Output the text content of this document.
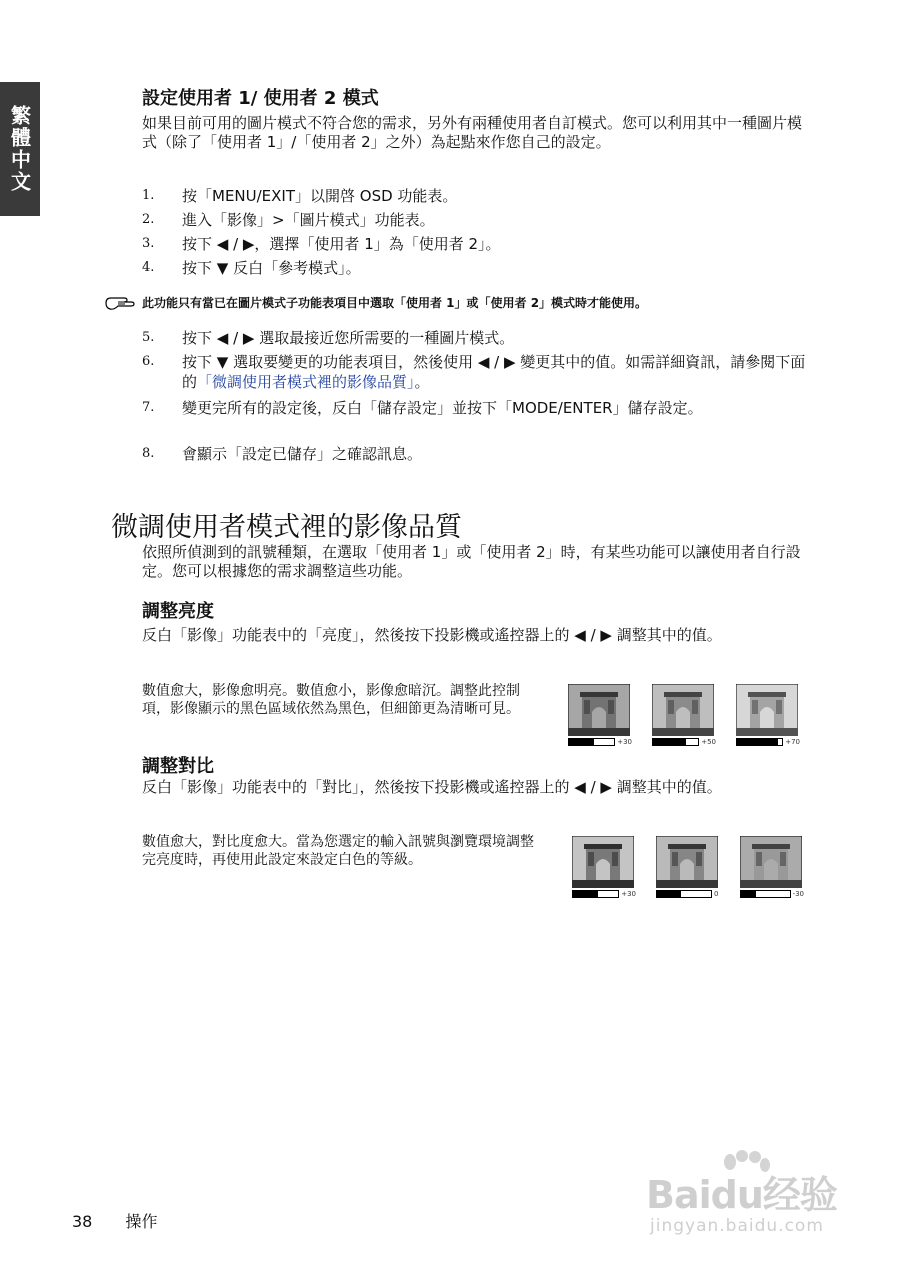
繁體中文
設定使用者 1/ 使用者 2 模式

如果目前可用的圖片模式不符合您的需求，另外有兩種使用者自訂模式。您可以利用其中一種圖片模式（除了「使用者 1」/「使用者 2」之外）為起點來作您自己的設定。

1.	按「MENU/EXIT」以開啓 OSD 功能表。
2.	進入「影像」>「圖片模式」功能表。
3.	按下 ◀ / ▶，選擇「使用者 1」為「使用者 2」。
4.	按下 ▼ 反白「參考模式」。
此功能只有當已在圖片模式子功能表項目中選取「使用者 1」或「使用者 2」模式時才能使用。
5.	按下 ◀ / ▶ 選取最接近您所需要的一種圖片模式。
6.	按下 ▼ 選取要變更的功能表項目，然後使用 ◀ / ▶ 變更其中的值。如需詳細資訊，請參閱下面的「微調使用者模式裡的影像品質」。
7.	變更完所有的設定後，反白「儲存設定」並按下「MODE/ENTER」儲存設定。
8.	會顯示「設定已儲存」之確認訊息。
微調使用者模式裡的影像品質

依照所偵測到的訊號種類，在選取「使用者 1」或「使用者 2」時，有某些功能可以讓使用者自行設定。您可以根據您的需求調整這些功能。

調整亮度

反白「影像」功能表中的「亮度」，然後按下投影機或遙控器上的 ◀ / ▶ 調整其中的值。

數值愈大，影像愈明亮。數值愈小，影像愈暗沉。調整此控制項，影像顯示的黑色區域依然為黑色，但細節更為清晰可見。

+30	+50	+70
調整對比

反白「影像」功能表中的「對比」，然後按下投影機或遙控器上的 ◀ / ▶ 調整其中的值。

數值愈大，對比度愈大。當為您選定的輸入訊號與瀏覽環境調整完亮度時，再使用此設定來設定白色的等級。

+30	0	-30
38 操作
Baidu经验
jingyan.baidu.com
